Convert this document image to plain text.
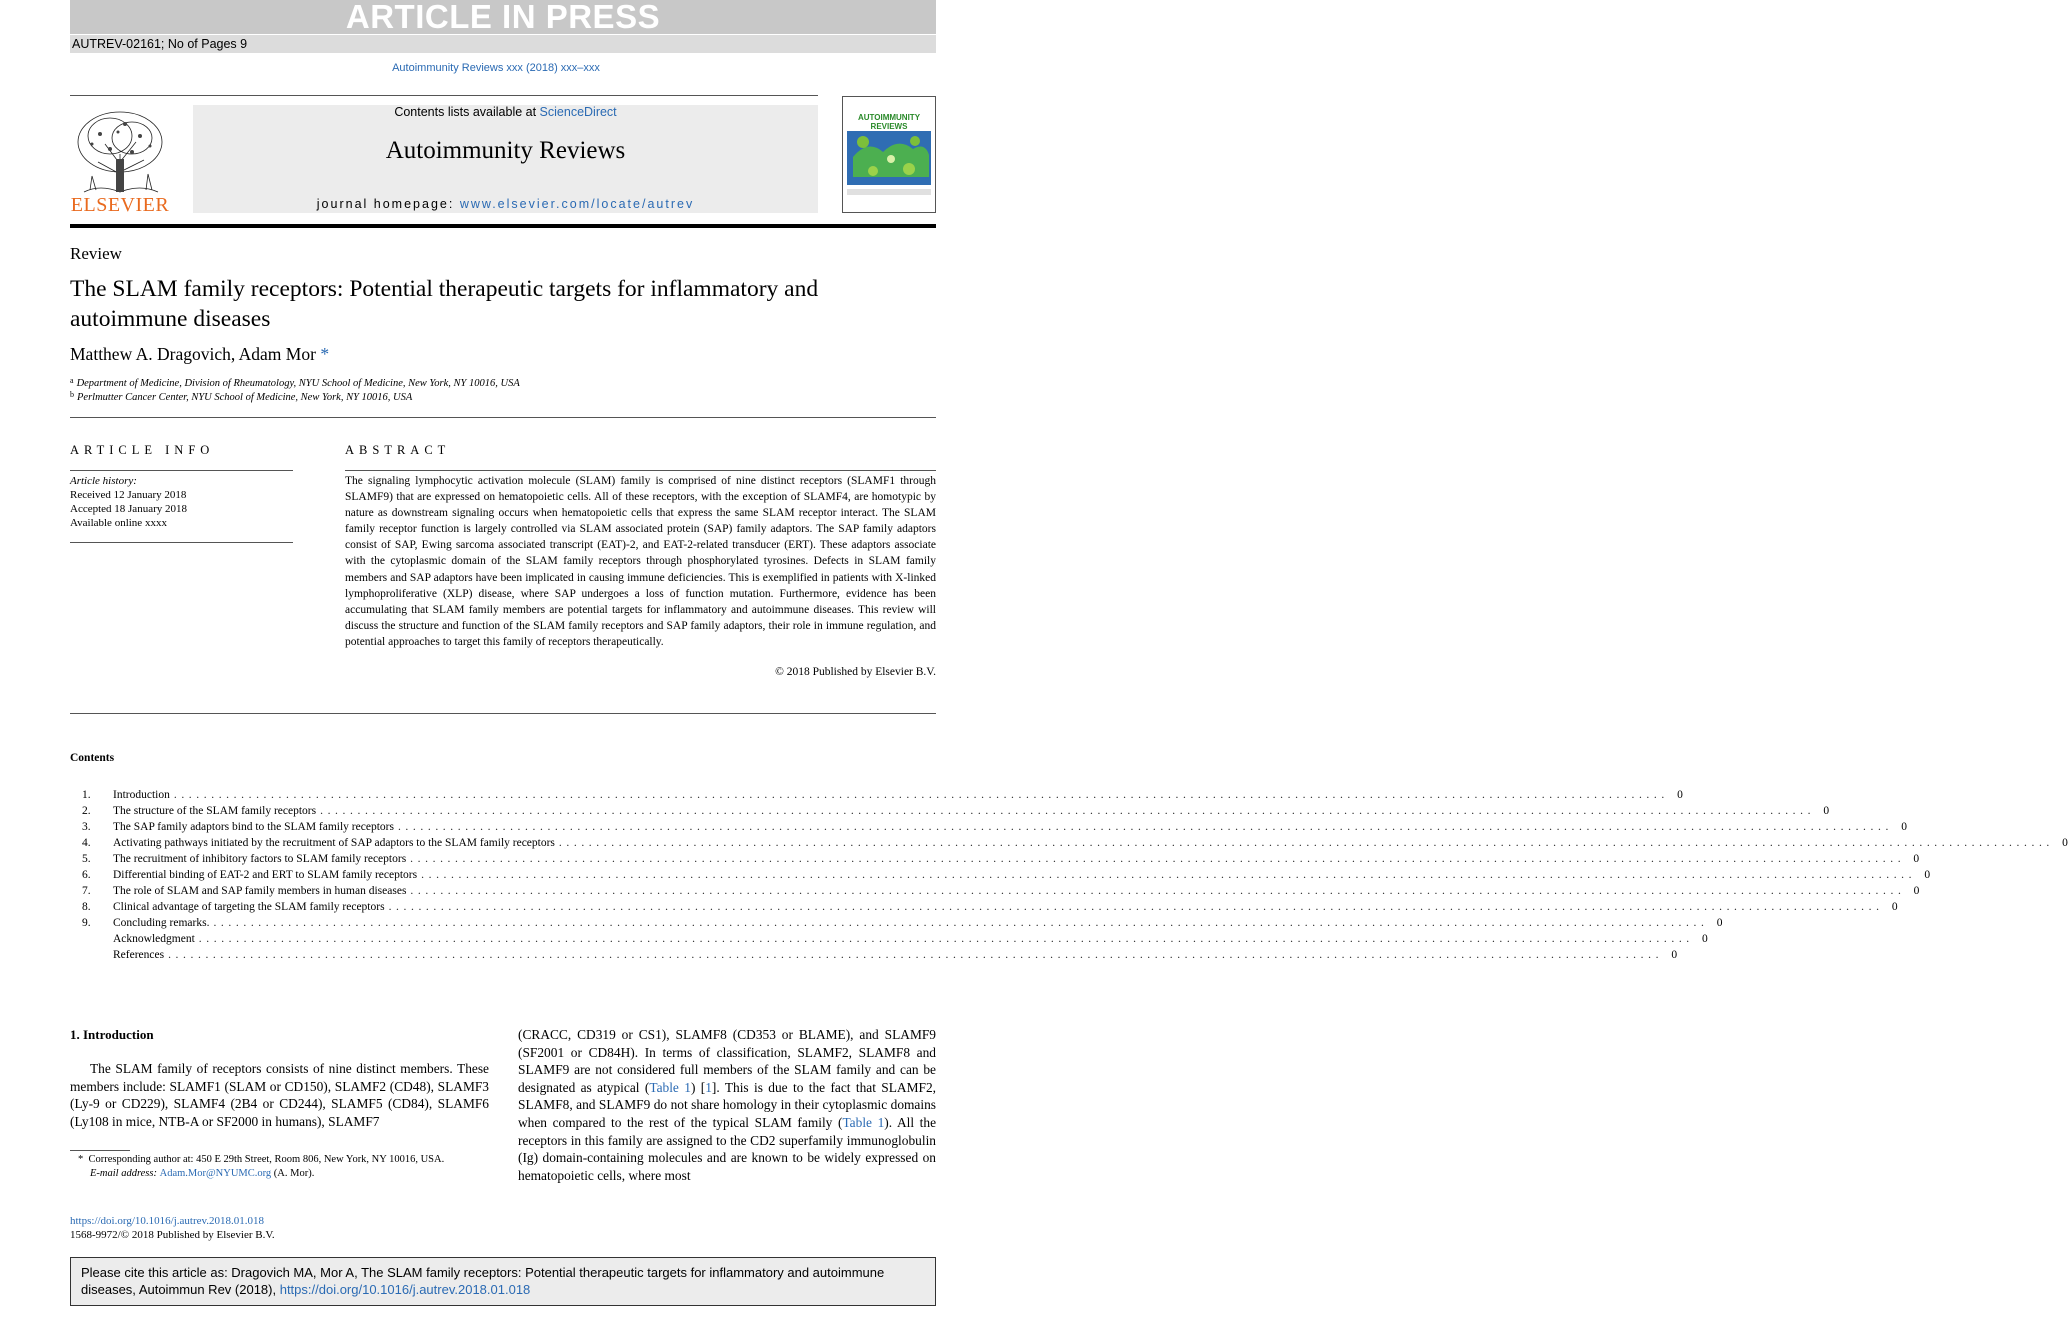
ARTICLE IN PRESS
AUTREV-02161; No of Pages 9
Autoimmunity Reviews xxx (2018) xxx–xxx
ELSEVIER
Contents lists available at ScienceDirect
Autoimmunity Reviews
journal homepage: www.elsevier.com/locate/autrev
AUTOIMMUNITY REVIEWS
Review
The SLAM family receptors: Potential therapeutic targets for inflammatory and autoimmune diseases
Matthew A. Dragovich, Adam Mor *
$^a$ Department of Medicine, Division of Rheumatology, NYU School of Medicine, New York, NY 10016, USA
$^b$ Perlmutter Cancer Center, NYU School of Medicine, New York, NY 10016, USA
ARTICLE INFO
Article history:
Received 12 January 2018
Accepted 18 January 2018
Available online xxxx
ABSTRACT
The signaling lymphocytic activation molecule (SLAM) family is comprised of nine distinct receptors (SLAMF1 through SLAMF9) that are expressed on hematopoietic cells. All of these receptors, with the exception of SLAMF4, are homotypic by nature as downstream signaling occurs when hematopoietic cells that express the same SLAM receptor interact. The SLAM family receptor function is largely controlled via SLAM associated protein (SAP) family adaptors. The SAP family adaptors consist of SAP, Ewing sarcoma associated transcript (EAT)-2, and EAT-2-related transducer (ERT). These adaptors associate with the cytoplasmic domain of the SLAM family receptors through phosphorylated tyrosines. Defects in SLAM family members and SAP adaptors have been implicated in causing immune deficiencies. This is exemplified in patients with X-linked lymphoproliferative (XLP) disease, where SAP undergoes a loss of function mutation. Furthermore, evidence has been accumulating that SLAM family members are potential targets for inflammatory and autoimmune diseases. This review will discuss the structure and function of the SLAM family receptors and SAP family adaptors, their role in immune regulation, and potential approaches to target this family of receptors therapeutically.
© 2018 Published by Elsevier B.V.
Contents
1.	Introduction ........................................................................................................................................................................................................ 0
2.	The structure of the SLAM family receptors ........................................................................................................................................................................................................ 0
3.	The SAP family adaptors bind to the SLAM family receptors ........................................................................................................................................................................................................ 0
4.	Activating pathways initiated by the recruitment of SAP adaptors to the SLAM family receptors ........................................................................................................................................................................................................ 0
5.	The recruitment of inhibitory factors to SLAM family receptors ........................................................................................................................................................................................................ 0
6.	Differential binding of EAT-2 and ERT to SLAM family receptors ........................................................................................................................................................................................................ 0
7.	The role of SLAM and SAP family members in human diseases ........................................................................................................................................................................................................ 0
8.	Clinical advantage of targeting the SLAM family receptors ........................................................................................................................................................................................................ 0
9.	Concluding remarks. ........................................................................................................................................................................................................ 0
Acknowledgment ........................................................................................................................................................................................................ 0
References ........................................................................................................................................................................................................ 0
1. Introduction
The SLAM family of receptors consists of nine distinct members. These members include: SLAMF1 (SLAM or CD150), SLAMF2 (CD48), SLAMF3 (Ly-9 or CD229), SLAMF4 (2B4 or CD244), SLAMF5 (CD84), SLAMF6 (Ly108 in mice, NTB-A or SF2000 in humans), SLAMF7
(CRACC, CD319 or CS1), SLAMF8 (CD353 or BLAME), and SLAMF9 (SF2001 or CD84H). In terms of classification, SLAMF2, SLAMF8 and SLAMF9 are not considered full members of the SLAM family and can be designated as atypical (Table 1) [1]. This is due to the fact that SLAMF2, SLAMF8, and SLAMF9 do not share homology in their cytoplasmic domains when compared to the rest of the typical SLAM family (Table 1). All the receptors in this family are assigned to the CD2 superfamily immunoglobulin (Ig) domain-containing molecules and are known to be widely expressed on hematopoietic cells, where most
* Corresponding author at: 450 E 29th Street, Room 806, New York, NY 10016, USA.
E-mail address: Adam.Mor@NYUMC.org (A. Mor).
https://doi.org/10.1016/j.autrev.2018.01.018
1568-9972/© 2018 Published by Elsevier B.V.
Please cite this article as: Dragovich MA, Mor A, The SLAM family receptors: Potential therapeutic targets for inflammatory and autoimmune diseases, Autoimmun Rev (2018), https://doi.org/10.1016/j.autrev.2018.01.018
